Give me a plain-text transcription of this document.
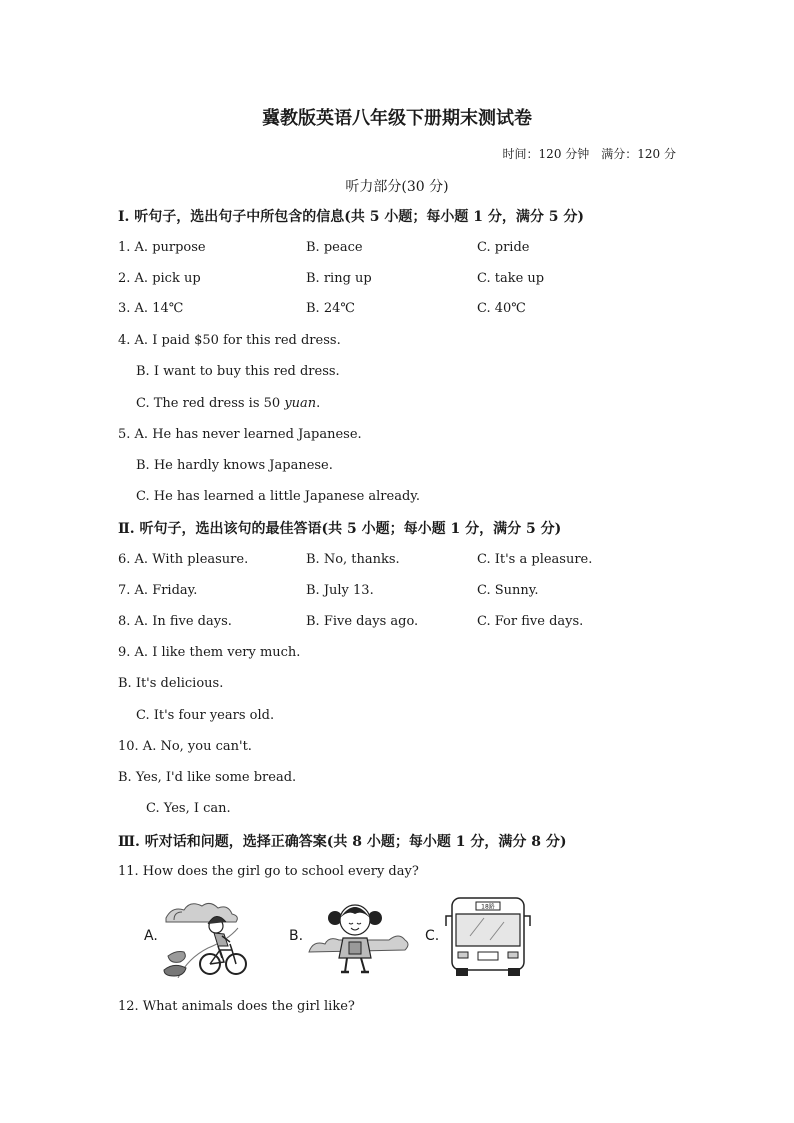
冀教版英语八年级下册期末测试卷
时间：120 分钟　满分：120 分
听力部分(30 分)
Ⅰ. 听句子，选出句子中所包含的信息(共 5 小题；每小题 1 分，满分 5 分)
1. A. purpose	B. peace	C. pride
2. A. pick up	B. ring up	C. take up
3. A. 14℃	B. 24℃	C. 40℃
4. A. I paid $50 for this red dress.
B. I want to buy this red dress.
C. The red dress is 50 yuan.
5. A. He has never learned Japanese.
B. He hardly knows Japanese.
C. He has learned a little Japanese already.
Ⅱ. 听句子，选出该句的最佳答语(共 5 小题；每小题 1 分，满分 5 分)
6. A. With pleasure.	B. No, thanks.	C. It's a pleasure.
7. A. Friday.	B. July 13.	C. Sunny.
8. A. In five days.	B. Five days ago.	C. For five days.
9. A. I like them very much.
B. It's delicious.
C. It's four years old.
10. A. No, you can't.
B. Yes, I'd like some bread.
C. Yes, I can.
Ⅲ. 听对话和问题，选择正确答案(共 8 小题；每小题 1 分，满分 8 分)
11. How does the girl go to school every day?
A.	B.	C.
18路
12. What animals does the girl like?
